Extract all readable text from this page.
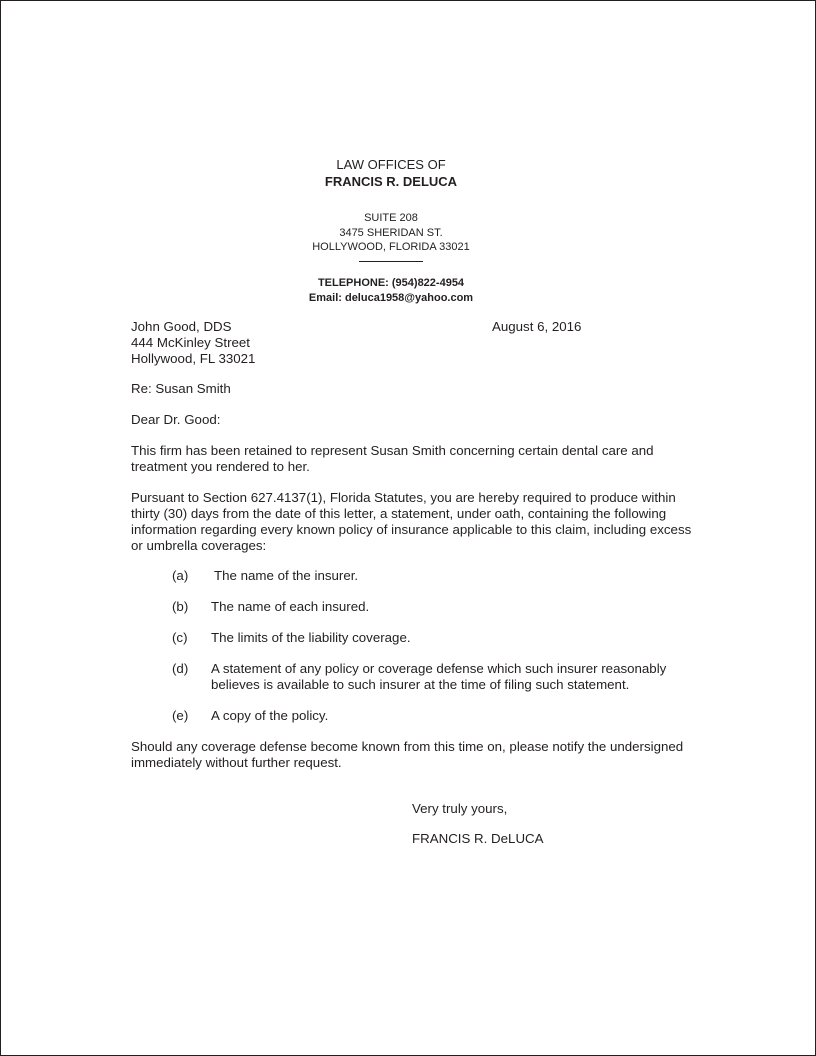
LAW OFFICES OF
FRANCIS R. DELUCA
SUITE 208
3475 SHERIDAN ST.
HOLLYWOOD, FLORIDA 33021
TELEPHONE: (954)822-4954
Email: deluca1958@yahoo.com
John Good, DDS
444 McKinley Street
Hollywood, FL 33021
August 6, 2016
Re: Susan Smith
Dear Dr. Good:
This firm has been retained to represent Susan Smith concerning certain dental care and
treatment you rendered to her.
Pursuant to Section 627.4137(1), Florida Statutes, you are hereby required to produce within
thirty (30) days from the date of this letter, a statement, under oath, containing the following
information regarding every known policy of insurance applicable to this claim, including excess
or umbrella coverages:
(a) The name of the insurer.
(b) The name of each insured.
(c) The limits of the liability coverage.
(d) A statement of any policy or coverage defense which such insurer reasonably
believes is available to such insurer at the time of filing such statement.
(e) A copy of the policy.
Should any coverage defense become known from this time on, please notify the undersigned
immediately without further request.
Very truly yours,
FRANCIS R. DeLUCA
